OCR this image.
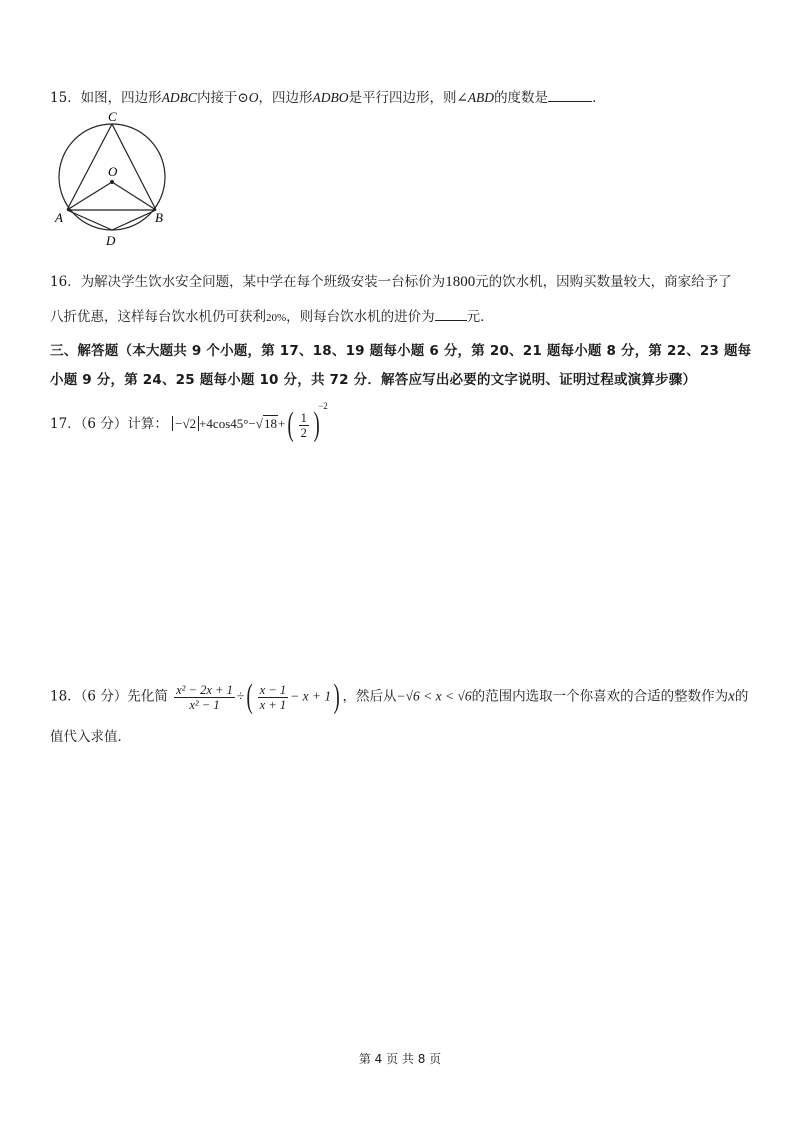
15．如图，四边形ADBC内接于⊙O，四边形ADBO是平行四边形，则∠ABD的度数是	．
C
O
A	B
D
16．为解决学生饮水安全问题，某中学在每个班级安装一台标价为1800元的饮水机，因购买数量较大，商家给予了
八折优惠，这样每台饮水机仍可获利20%，则每台饮水机的进价为 元．
三、解答题（本大题共 9 个小题，第 17、18、19 题每小题 6 分，第 20、21 题每小题 8 分，第 22、23 题每
小题 9 分，第 24、25 题每小题 10 分，共 72 分．解答应写出必要的文字说明、证明过程或演算步骤）
17．（6 分）计算： $-√2 +4\cos 45^\circ-√18+( \frac{1}{2} )^{-2}$
18．（6 分）先化简 $\frac{\text{x² − 2x + 1}}{\text{x² − 1}}$ ÷( $\frac{x - 1}{x + 1} - x + 1$) ，然后从−√6 < x < √6的范围内选取一个你喜欢的合适的整数作为x的
值代入求值．
第 4 页 共 8 页
